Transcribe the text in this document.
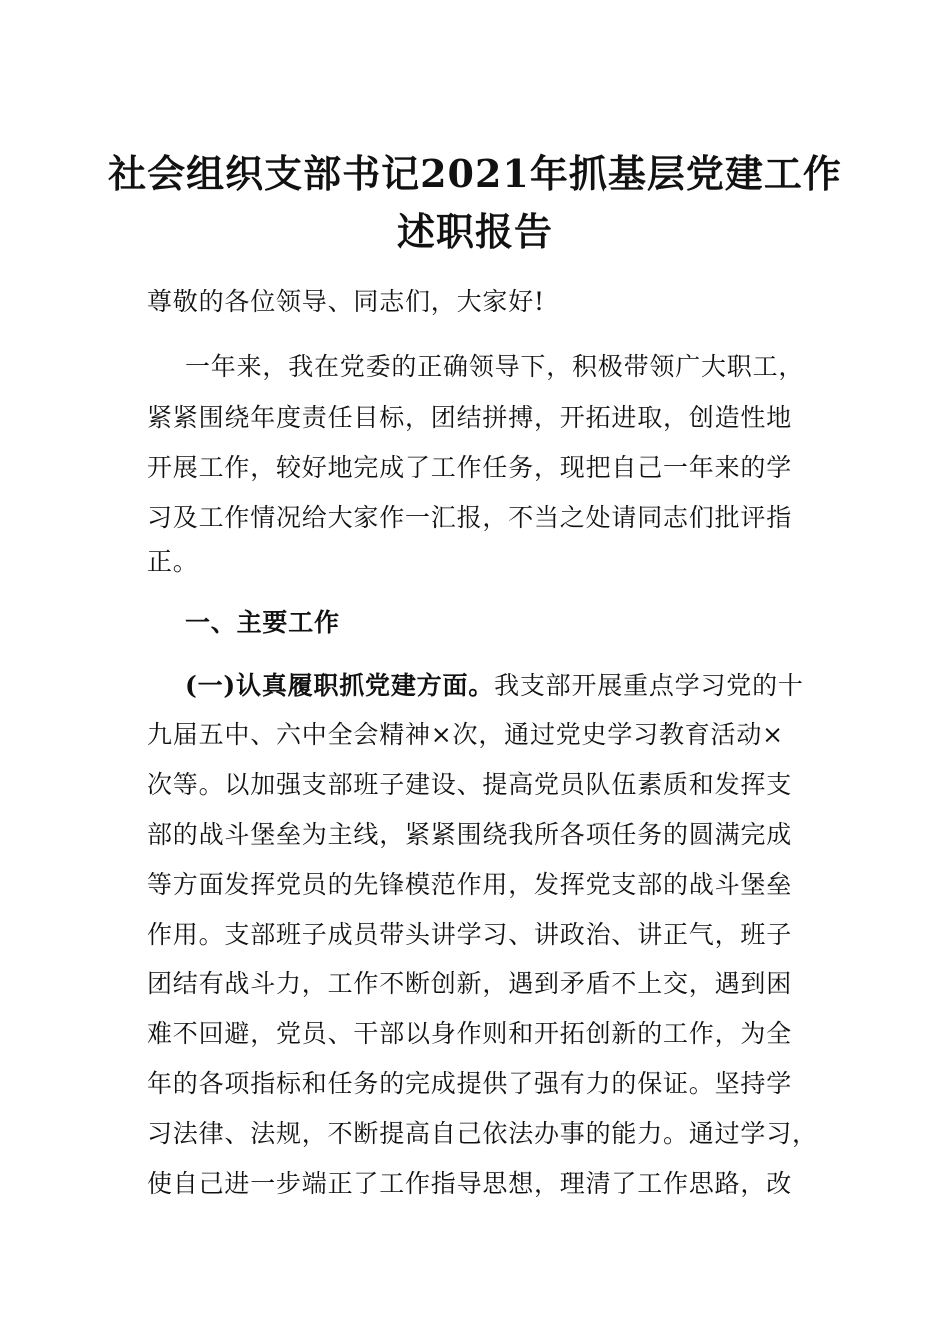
社会组织支部书记2021年抓基层党建工作
述职报告
尊敬的各位领导、同志们，大家好!
一年来，我在党委的正确领导下，积极带领广大职工，
紧紧围绕年度责任目标，团结拼搏，开拓进取，创造性地
开展工作，较好地完成了工作任务，现把自己一年来的学
习及工作情况给大家作一汇报，不当之处请同志们批评指
正。
一、主要工作
(一)认真履职抓党建方面。我支部开展重点学习党的十
九届五中、六中全会精神×次，通过党史学习教育活动×
次等。以加强支部班子建设、提高党员队伍素质和发挥支
部的战斗堡垒为主线，紧紧围绕我所各项任务的圆满完成
等方面发挥党员的先锋模范作用，发挥党支部的战斗堡垒
作用。支部班子成员带头讲学习、讲政治、讲正气，班子
团结有战斗力，工作不断创新，遇到矛盾不上交，遇到困
难不回避，党员、干部以身作则和开拓创新的工作，为全
年的各项指标和任务的完成提供了强有力的保证。坚持学
习法律、法规，不断提高自己依法办事的能力。通过学习，
使自己进一步端正了工作指导思想，理清了工作思路，改
